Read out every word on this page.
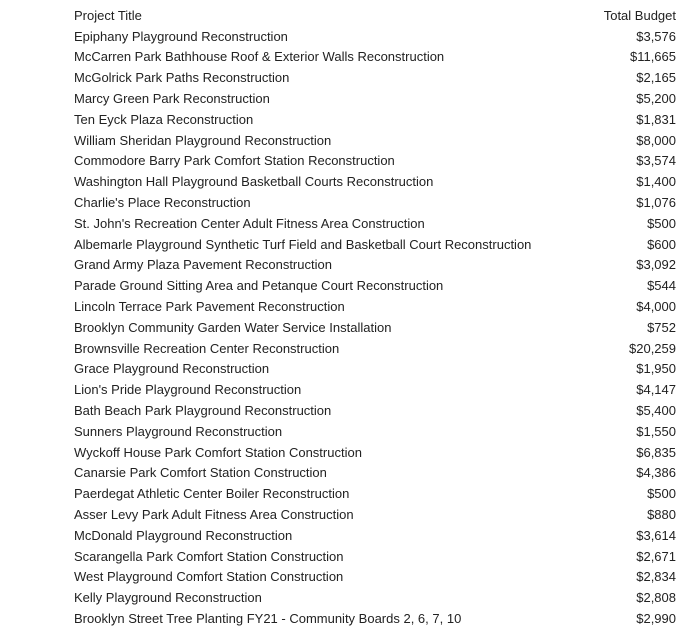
Project Title	Total Budget
Epiphany Playground Reconstruction	$3,576
McCarren Park Bathhouse Roof & Exterior Walls Reconstruction	$11,665
McGolrick Park Paths Reconstruction	$2,165
Marcy Green Park Reconstruction	$5,200
Ten Eyck Plaza Reconstruction	$1,831
William Sheridan Playground Reconstruction	$8,000
Commodore Barry Park Comfort Station Reconstruction	$3,574
Washington Hall Playground Basketball Courts Reconstruction	$1,400
Charlie's Place Reconstruction	$1,076
St. John's Recreation Center Adult Fitness Area Construction	$500
Albemarle Playground Synthetic Turf Field and Basketball Court Reconstruction	$600
Grand Army Plaza Pavement Reconstruction	$3,092
Parade Ground Sitting Area and Petanque Court Reconstruction	$544
Lincoln Terrace Park Pavement Reconstruction	$4,000
Brooklyn Community Garden Water Service Installation	$752
Brownsville Recreation Center Reconstruction	$20,259
Grace Playground Reconstruction	$1,950
Lion's Pride Playground Reconstruction	$4,147
Bath Beach Park Playground Reconstruction	$5,400
Sunners Playground Reconstruction	$1,550
Wyckoff House Park Comfort Station Construction	$6,835
Canarsie Park Comfort Station Construction	$4,386
Paerdegat Athletic Center Boiler Reconstruction	$500
Asser Levy Park Adult Fitness Area Construction	$880
McDonald Playground Reconstruction	$3,614
Scarangella Park Comfort Station Construction	$2,671
West Playground Comfort Station Construction	$2,834
Kelly Playground Reconstruction	$2,808
Brooklyn Street Tree Planting FY21 - Community Boards 2, 6, 7, 10	$2,990
